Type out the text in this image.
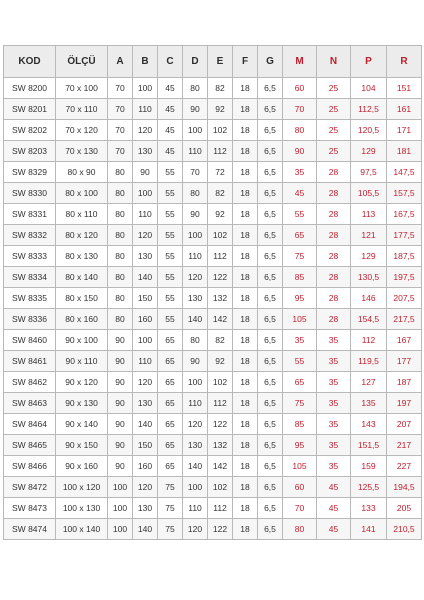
KOD	ÖLÇÜ	A	B	C	D	E	F	G	M	N	P	R
SW 8200	70 x 100	70	100	45	80	82	18	6,5	60	25	104	151
SW 8201	70 x 110	70	110	45	90	92	18	6,5	70	25	112,5	161
SW 8202	70 x 120	70	120	45	100	102	18	6,5	80	25	120,5	171
SW 8203	70 x 130	70	130	45	110	112	18	6,5	90	25	129	181
SW 8329	80 x 90	80	90	55	70	72	18	6,5	35	28	97,5	147,5
SW 8330	80 x 100	80	100	55	80	82	18	6,5	45	28	105,5	157,5
SW 8331	80 x 110	80	110	55	90	92	18	6,5	55	28	113	167,5
SW 8332	80 x 120	80	120	55	100	102	18	6,5	65	28	121	177,5
SW 8333	80 x 130	80	130	55	110	112	18	6,5	75	28	129	187,5
SW 8334	80 x 140	80	140	55	120	122	18	6,5	85	28	130,5	197,5
SW 8335	80 x 150	80	150	55	130	132	18	6,5	95	28	146	207,5
SW 8336	80 x 160	80	160	55	140	142	18	6,5	105	28	154,5	217,5
SW 8460	90 x 100	90	100	65	80	82	18	6,5	35	35	112	167
SW 8461	90 x 110	90	110	65	90	92	18	6,5	55	35	119,5	177
SW 8462	90 x 120	90	120	65	100	102	18	6,5	65	35	127	187
SW 8463	90 x 130	90	130	65	110	112	18	6,5	75	35	135	197
SW 8464	90 x 140	90	140	65	120	122	18	6,5	85	35	143	207
SW 8465	90 x 150	90	150	65	130	132	18	6,5	95	35	151,5	217
SW 8466	90 x 160	90	160	65	140	142	18	6,5	105	35	159	227
SW 8472	100 x 120	100	120	75	100	102	18	6,5	60	45	125,5	194,5
SW 8473	100 x 130	100	130	75	110	112	18	6,5	70	45	133	205
SW 8474	100 x 140	100	140	75	120	122	18	6,5	80	45	141	210,5
